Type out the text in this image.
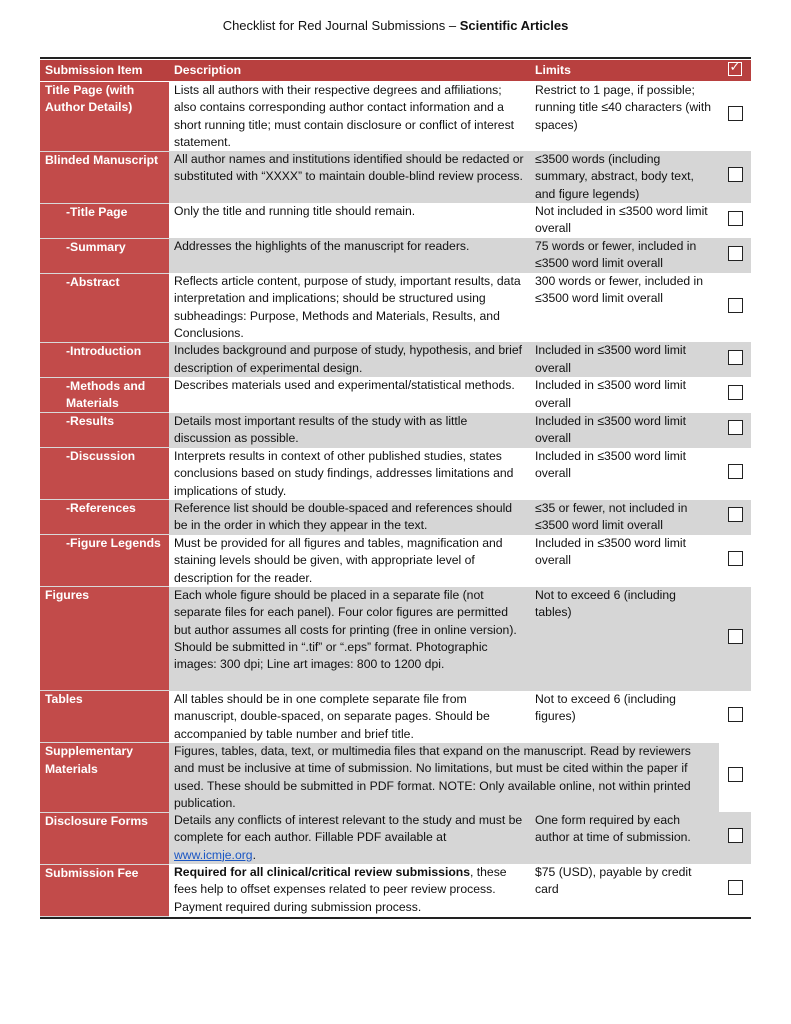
Checklist for Red Journal Submissions – Scientific Articles
Submission Item	Description	Limits	✓

Title Page (with Author Details)	Lists all authors with their respective degrees and affiliations; also contains corresponding author contact information and a short running title; must contain disclosure or conflict of interest statement.	Restrict to 1 page, if possible; running title ≤40 characters (with spaces)	
Blinded Manuscript	All author names and institutions identified should be redacted or substituted with “XXXX” to maintain double-blind review process.	≤3500 words (including summary, abstract, body text, and figure legends)	
-Title Page	Only the title and running title should remain.	Not included in ≤3500 word limit overall	
-Summary	Addresses the highlights of the manuscript for readers.	75 words or fewer, included in ≤3500 word limit overall	
-Abstract	Reflects article content, purpose of study, important results, data interpretation and implications; should be structured using subheadings: Purpose, Methods and Materials, Results, and Conclusions.	300 words or fewer, included in ≤3500 word limit overall	
-Introduction	Includes background and purpose of study, hypothesis, and brief description of experimental design.	Included in ≤3500 word limit overall	
-Methods and Materials	Describes materials used and experimental/statistical methods.	Included in ≤3500 word limit overall	
-Results	Details most important results of the study with as little discussion as possible.	Included in ≤3500 word limit overall	
-Discussion	Interprets results in context of other published studies, states conclusions based on study findings, addresses limitations and implications of study.	Included in ≤3500 word limit overall	
-References	Reference list should be double-spaced and references should be in the order in which they appear in the text.	≤35 or fewer, not included in ≤3500 word limit overall	
-Figure Legends	Must be provided for all figures and tables, magnification and staining levels should be given, with appropriate level of description for the reader.	Included in ≤3500 word limit overall	
Figures	Each whole figure should be placed in a separate file (not separate files for each panel). Four color figures are permitted but author assumes all costs for printing (free in online version). Should be submitted in “.tif” or “.eps” format. Photographic images: 300 dpi; Line art images: 800 to 1200 dpi.	Not to exceed 6 (including tables)	
Tables	All tables should be in one complete separate file from manuscript, double-spaced, on separate pages. Should be accompanied by table number and brief title.	Not to exceed 6 (including figures)	
Supplementary Materials	Figures, tables, data, text, or multimedia files that expand on the manuscript. Read by reviewers and must be inclusive at time of submission. No limitations, but must be cited within the paper if used. These should be submitted in PDF format. NOTE: Only available online, not within printed publication.		
Disclosure Forms	Details any conflicts of interest relevant to the study and must be complete for each author. Fillable PDF available at www.icmje.org.	One form required by each author at time of submission.	
Submission Fee	Required for all clinical/critical review submissions, these fees help to offset expenses related to peer review process. Payment required during submission process.	$75 (USD), payable by credit card	
